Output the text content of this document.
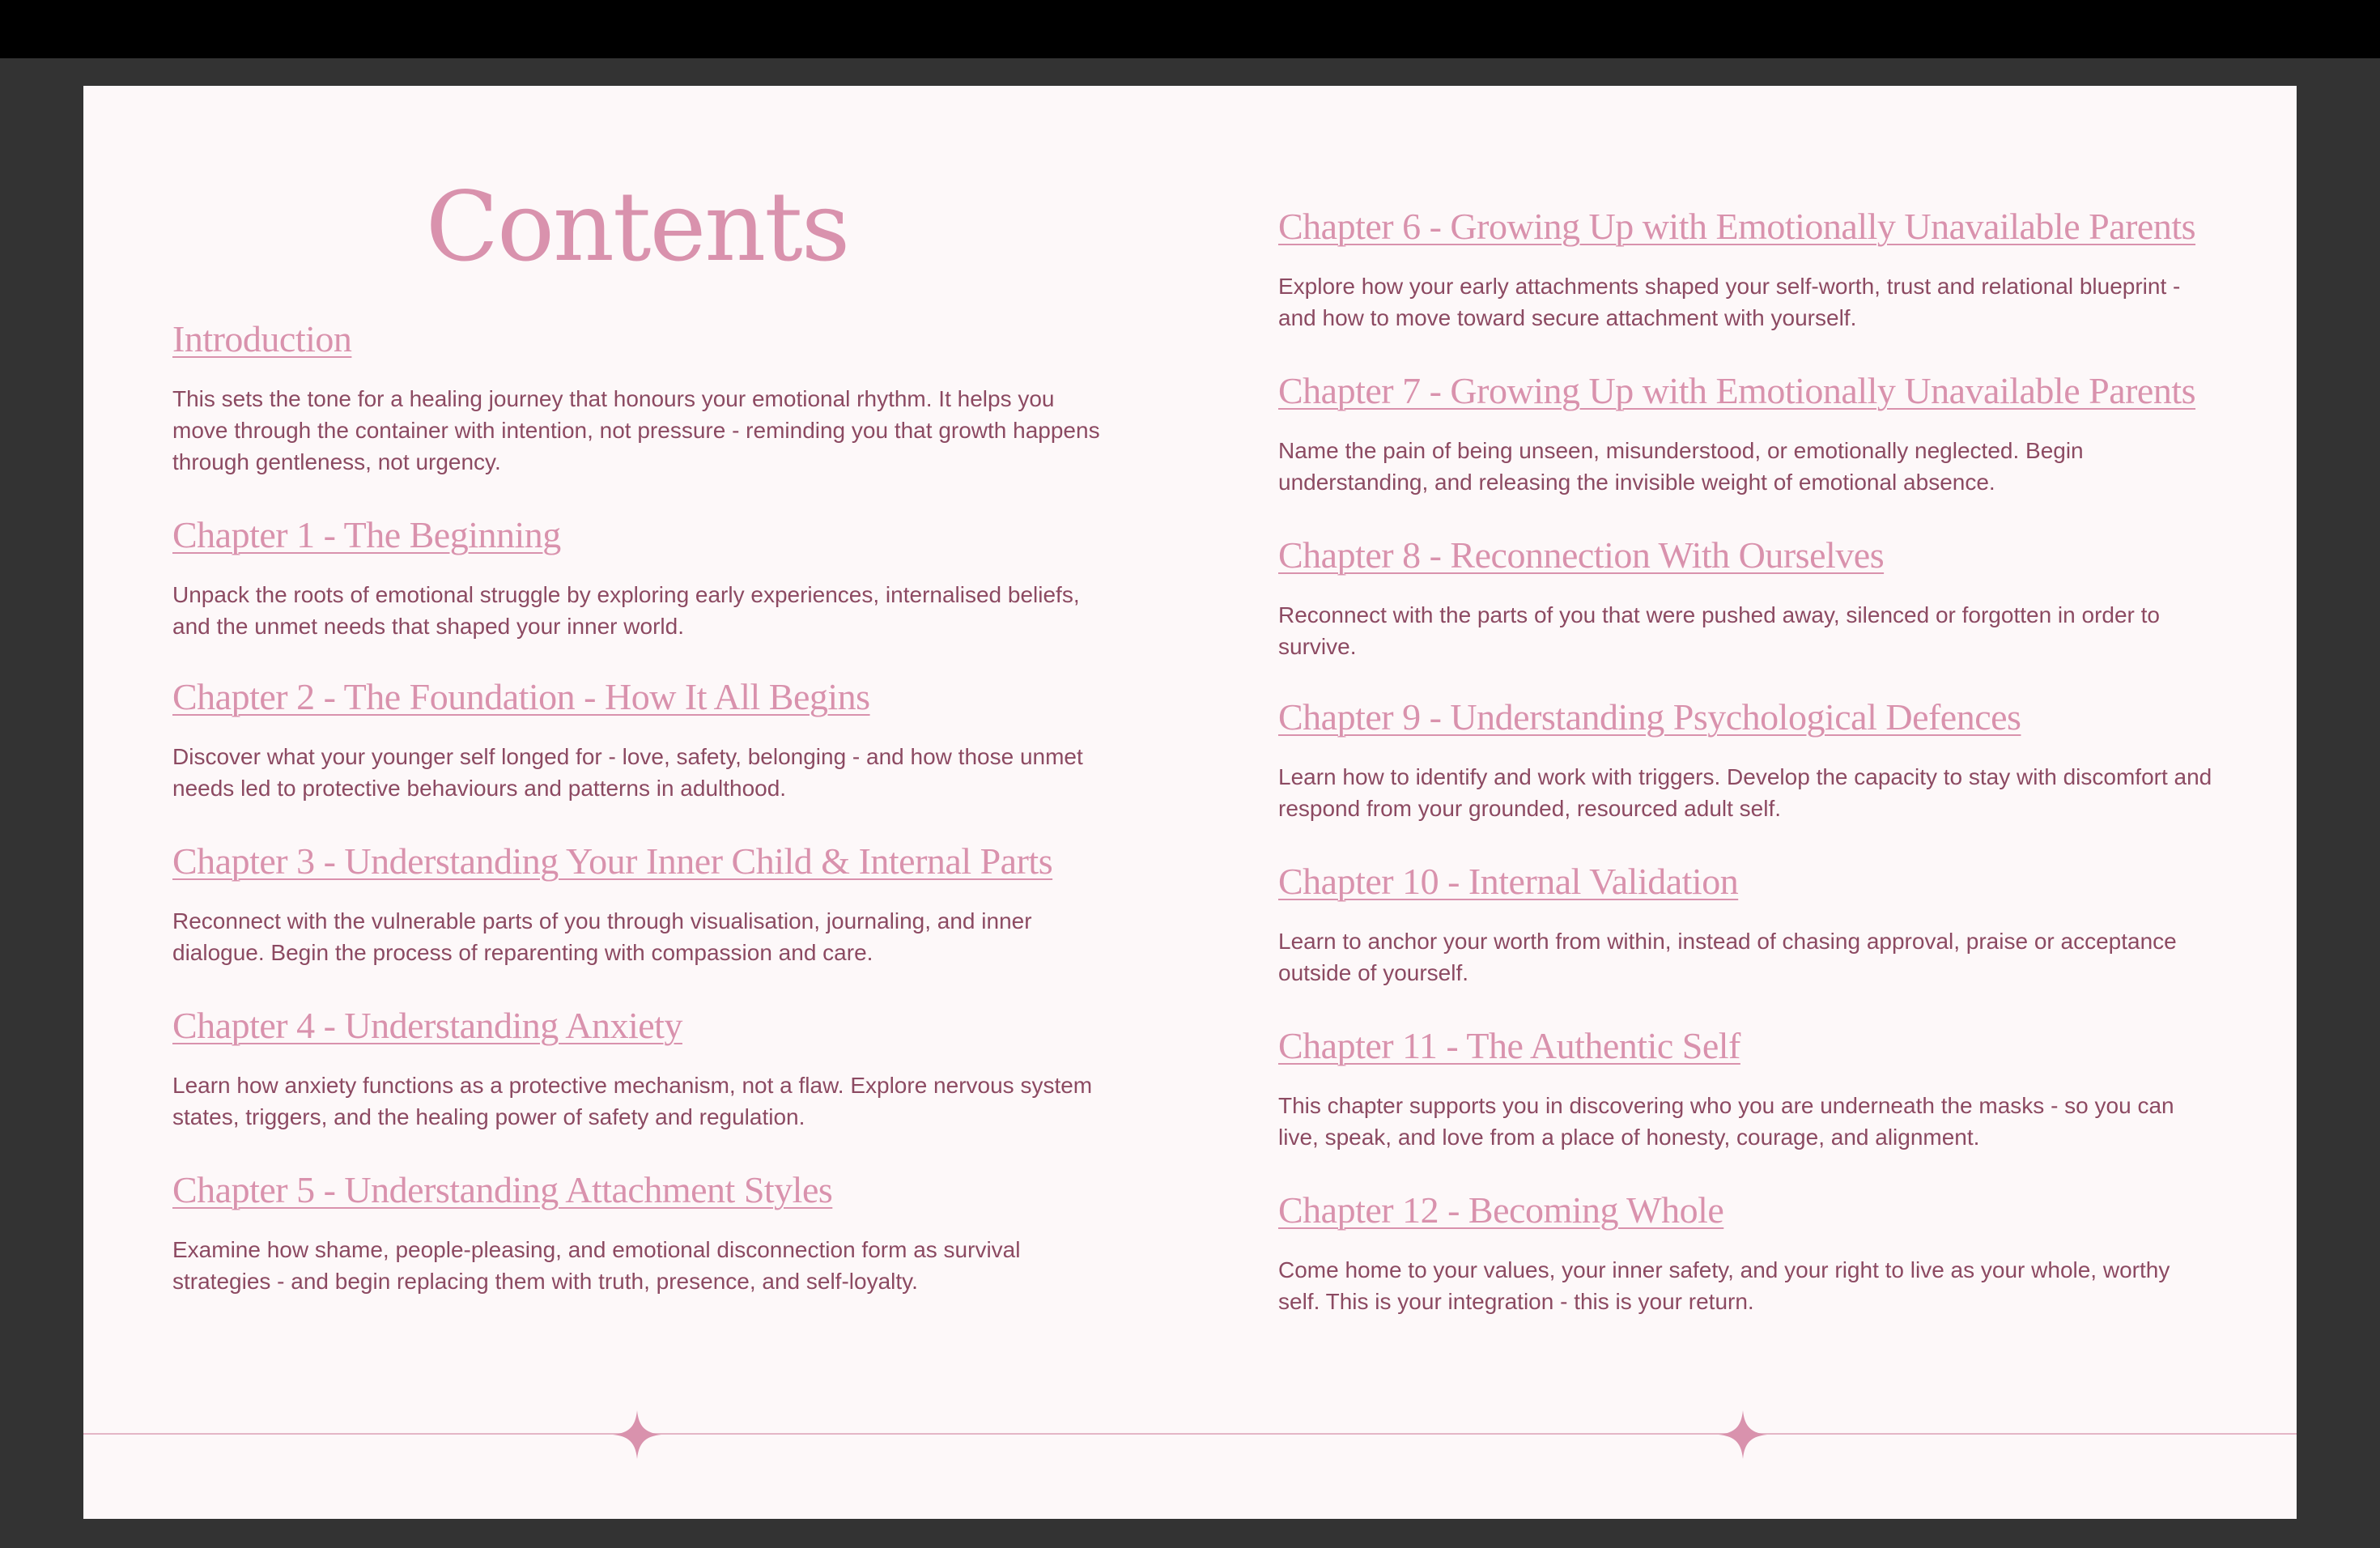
Contents
Introduction
This sets the tone for a healing journey that honours your emotional rhythm. It helps you move through the container with intention, not pressure - reminding you that growth happens through gentleness, not urgency.
Chapter 1 - The Beginning
Unpack the roots of emotional struggle by exploring early experiences, internalised beliefs, and the unmet needs that shaped your inner world.
Chapter 2 - The Foundation - How It All Begins
Discover what your younger self longed for - love, safety, belonging - and how those unmet needs led to protective behaviours and patterns in adulthood.
Chapter 3 - Understanding Your Inner Child & Internal Parts
Reconnect with the vulnerable parts of you through visualisation, journaling, and inner dialogue. Begin the process of reparenting with compassion and care.
Chapter 4 - Understanding Anxiety
Learn how anxiety functions as a protective mechanism, not a flaw. Explore nervous system states, triggers, and the healing power of safety and regulation.
Chapter 5 - Understanding Attachment Styles
Examine how shame, people-pleasing, and emotional disconnection form as survival strategies - and begin replacing them with truth, presence, and self-loyalty.
Chapter 6 - Growing Up with Emotionally Unavailable Parents
Explore how your early attachments shaped your self-worth, trust and relational blueprint - and how to move toward secure attachment with yourself.
Chapter 7 - Growing Up with Emotionally Unavailable Parents
Name the pain of being unseen, misunderstood, or emotionally neglected. Begin understanding, and releasing the invisible weight of emotional absence.
Chapter 8 - Reconnection With Ourselves
Reconnect with the parts of you that were pushed away, silenced or forgotten in order to survive.
Chapter 9 - Understanding Psychological Defences
Learn how to identify and work with triggers. Develop the capacity to stay with discomfort and respond from your grounded, resourced adult self.
Chapter 10 - Internal Validation
Learn to anchor your worth from within, instead of chasing approval, praise or acceptance outside of yourself.
Chapter 11 - The Authentic Self
This chapter supports you in discovering who you are underneath the masks - so you can live, speak, and love from a place of honesty, courage, and alignment.
Chapter 12 - Becoming Whole
Come home to your values, your inner safety, and your right to live as your whole, worthy self. This is your integration - this is your return.
